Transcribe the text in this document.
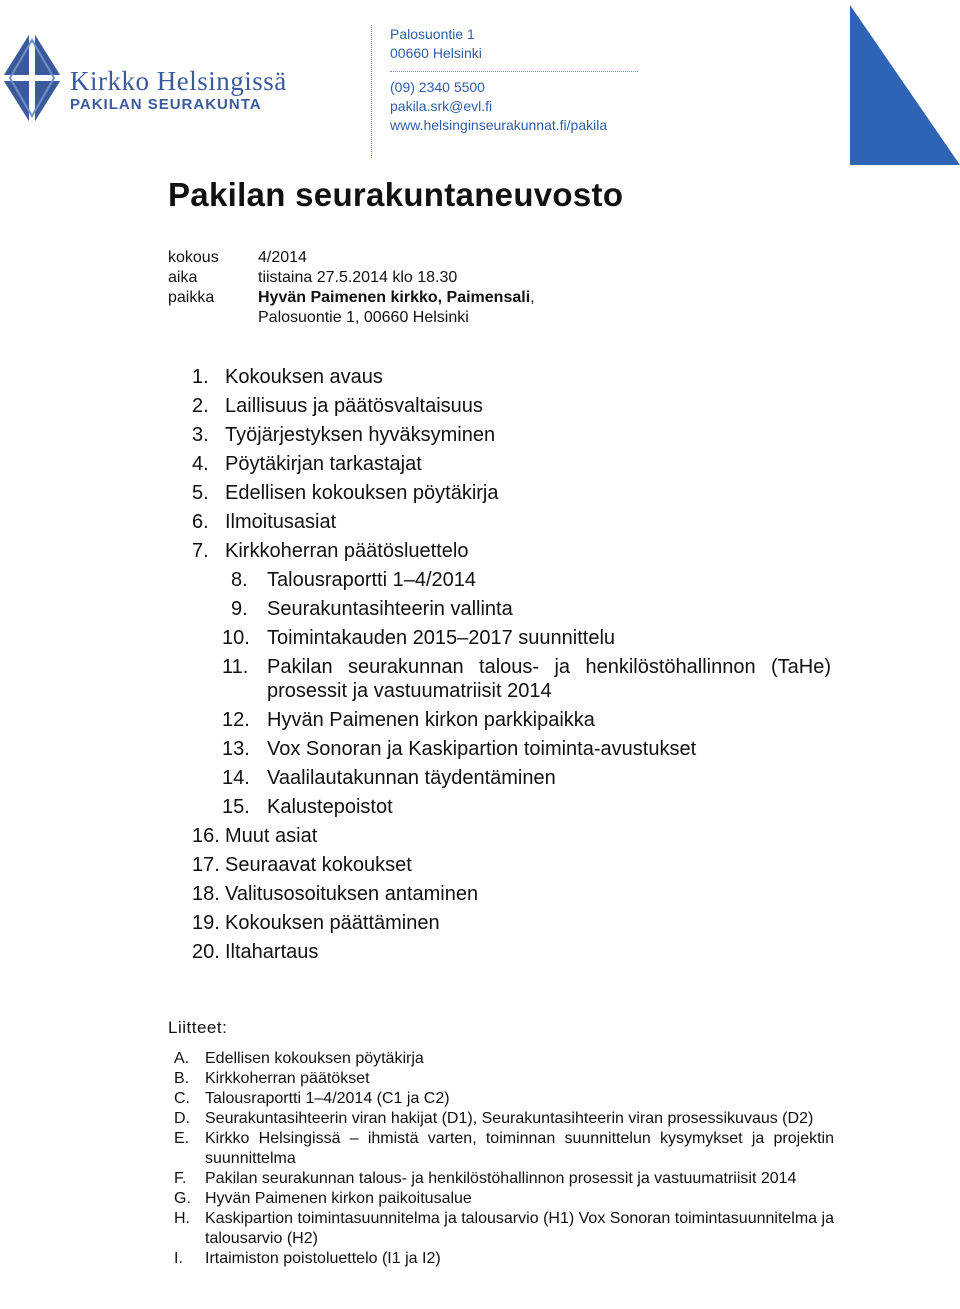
Kirkko Helsingissä
PAKILAN SEURAKUNTA
Palosuontie 1
00660 Helsinki
(09) 2340 5500
pakila.srk@evl.fi
www.helsinginseurakunnat.fi/pakila
Pakilan seurakuntaneuvosto
kokous	4/2014
aika	tiistaina 27.5.2014 klo 18.30
paikka	Hyvän Paimenen kirkko, Paimensali,
Palosuontie 1, 00660 Helsinki
1. Kokouksen avaus
2. Laillisuus ja päätösvaltaisuus
3. Työjärjestyksen hyväksyminen
4. Pöytäkirjan tarkastajat
5. Edellisen kokouksen pöytäkirja
6. Ilmoitusasiat
7. Kirkkoherran päätösluettelo
8. Talousraportti 1–4/2014
9. Seurakuntasihteerin vallinta
10. Toimintakauden 2015–2017 suunnittelu
11. Pakilan seurakunnan talous- ja henkilöstöhallinnon (TaHe)
prosessit ja vastuumatriisit 2014
12. Hyvän Paimenen kirkon parkkipaikka
13. Vox Sonoran ja Kaskipartion toiminta-avustukset
14. Vaalilautakunnan täydentäminen
15. Kalustepoistot
16. Muut asiat
17. Seuraavat kokoukset
18. Valitusosoituksen antaminen
19. Kokouksen päättäminen
20. Iltahartaus
Liitteet:
A. Edellisen kokouksen pöytäkirja
B. Kirkkoherran päätökset
C. Talousraportti 1–4/2014 (C1 ja C2)
D. Seurakuntasihteerin viran hakijat (D1), Seurakuntasihteerin viran prosessikuvaus (D2)
E. Kirkko Helsingissä – ihmistä varten, toiminnan suunnittelun kysymykset ja projektin suunnittelma
F.	Pakilan seurakunnan talous- ja henkilöstöhallinnon prosessit ja vastuumatriisit 2014
G. Hyvän Paimenen kirkon paikoitusalue
H. Kaskipartion toimintasuunnitelma ja talousarvio (H1) Vox Sonoran toimintasuunnitelma ja talousarvio (H2)
I.	Irtaimiston poistoluettelo (I1 ja I2)
